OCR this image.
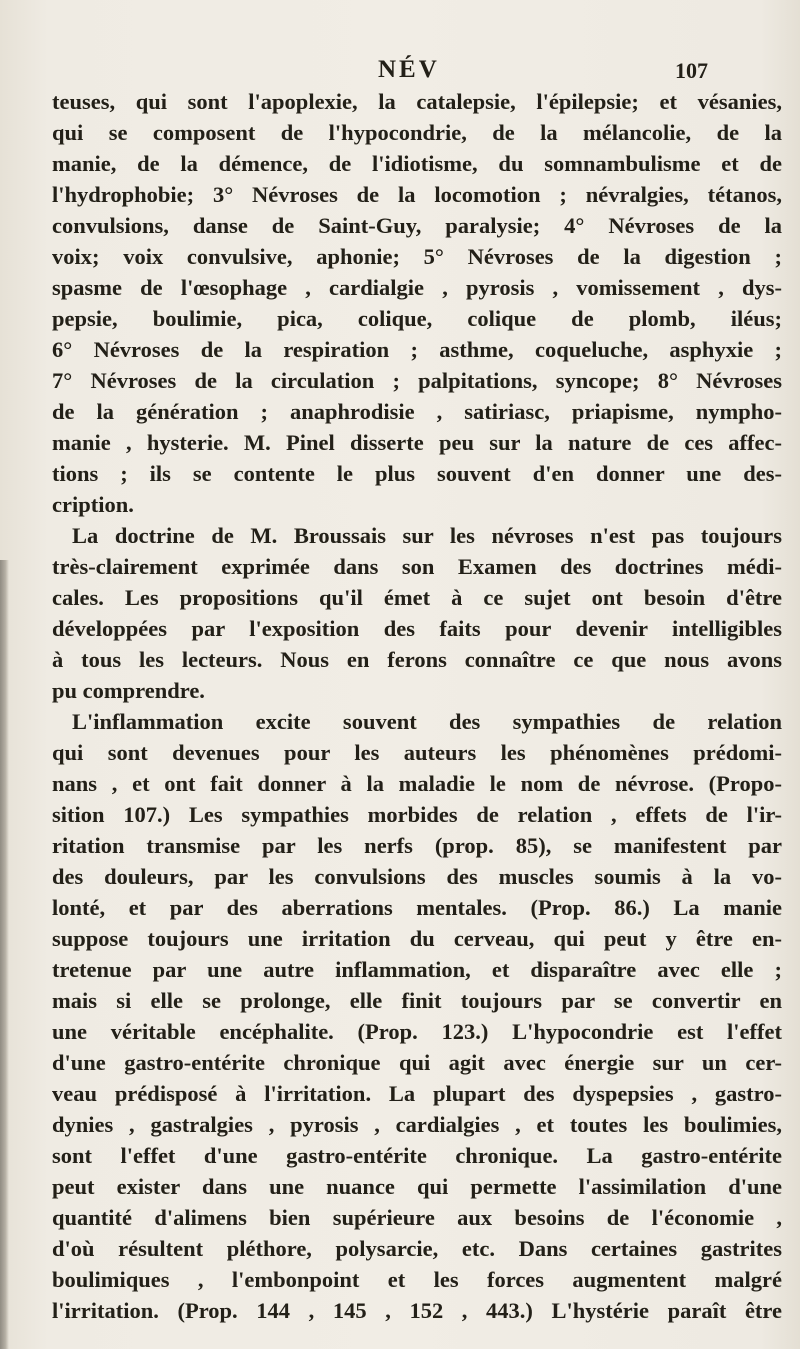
NÉV	107
teuses, qui sont l'apoplexie, la catalepsie, l'épilepsie; et vésanies,
qui se composent de l'hypocondrie, de la mélancolie, de la
manie, de la démence, de l'idiotisme, du somnambulisme et de
l'hydrophobie; 3° Névroses de la locomotion ; névralgies, tétanos,
convulsions, danse de Saint-Guy, paralysie; 4° Névroses de la
voix; voix convulsive, aphonie; 5° Névroses de la digestion ;
spasme de l'œsophage , cardialgie , pyrosis , vomissement , dys-
pepsie, boulimie, pica, colique, colique de plomb, iléus;
6° Névroses de la respiration ; asthme, coqueluche, asphyxie ;
7° Névroses de la circulation ; palpitations, syncope; 8° Névroses
de la génération ; anaphrodisie , satiriasc, priapisme, nympho-
manie , hysterie. M. Pinel disserte peu sur la nature de ces affec-
tions ; ils se contente le plus souvent d'en donner une des-
cription.
La doctrine de M. Broussais sur les névroses n'est pas toujours
très-clairement exprimée dans son Examen des doctrines médi-
cales. Les propositions qu'il émet à ce sujet ont besoin d'être
développées par l'exposition des faits pour devenir intelligibles
à tous les lecteurs. Nous en ferons connaître ce que nous avons
pu comprendre.
L'inflammation excite souvent des sympathies de relation
qui sont devenues pour les auteurs les phénomènes prédomi-
nans , et ont fait donner à la maladie le nom de névrose. (Propo-
sition 107.) Les sympathies morbides de relation , effets de l'ir-
ritation transmise par les nerfs (prop. 85), se manifestent par
des douleurs, par les convulsions des muscles soumis à la vo-
lonté, et par des aberrations mentales. (Prop. 86.) La manie
suppose toujours une irritation du cerveau, qui peut y être en-
tretenue par une autre inflammation, et disparaître avec elle ;
mais si elle se prolonge, elle finit toujours par se convertir en
une véritable encéphalite. (Prop. 123.) L'hypocondrie est l'effet
d'une gastro-entérite chronique qui agit avec énergie sur un cer-
veau prédisposé à l'irritation. La plupart des dyspepsies , gastro-
dynies , gastralgies , pyrosis , cardialgies , et toutes les boulimies,
sont l'effet d'une gastro-entérite chronique. La gastro-entérite
peut exister dans une nuance qui permette l'assimilation d'une
quantité d'alimens bien supérieure aux besoins de l'économie ,
d'où résultent pléthore, polysarcie, etc. Dans certaines gastrites
boulimiques , l'embonpoint et les forces augmentent malgré
l'irritation. (Prop. 144 , 145 , 152 , 443.) L'hystérie paraît être
